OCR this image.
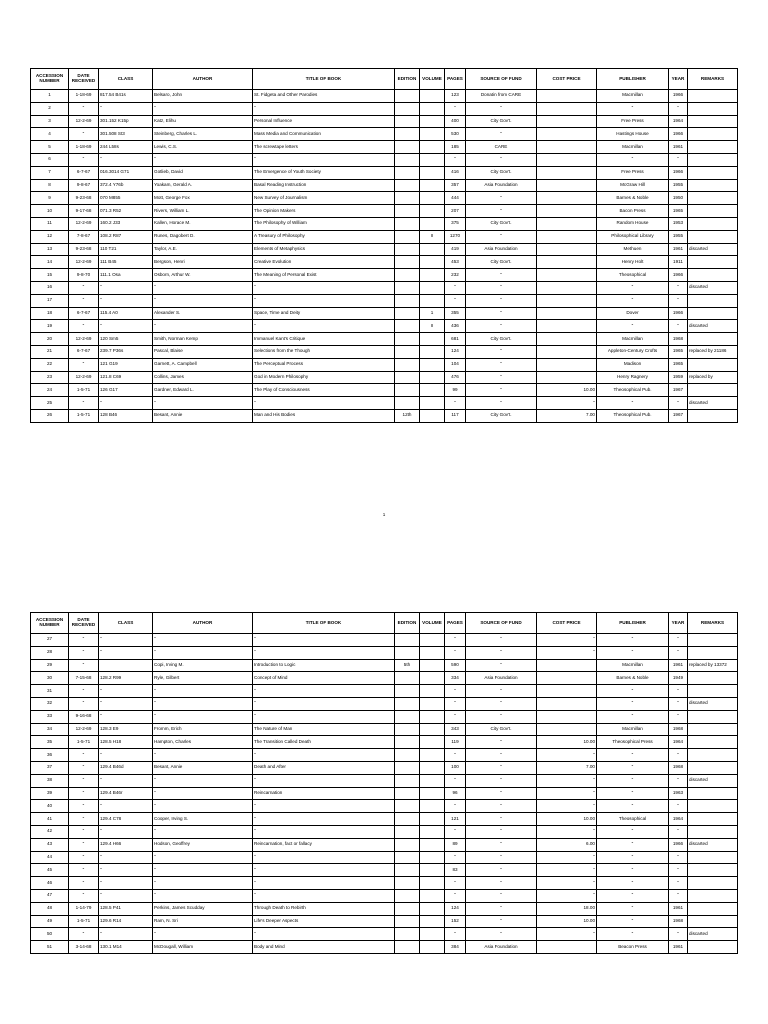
ACCESSION NUMBER	DATE RECEIVED	CLASS	AUTHOR	TITLE OF BOOK	EDITION	VOLUME	PAGES	SOURCE OF FUND	COST PRICE	PUBLISHER	YEAR	REMARKS
1	1-18-69	817.54 B41s	Belsaro, John	St. Fidgeta and Other Parodies			123	Donatin from CARE		Macmillan	1966	
2	"	"	"	"			"	"		"	"	
3	12-2-69	301.152 K15p	Katz, Elihu	Personal Influence			400	City Gov't.		Free Press	1964	
4	"	301.508 St3	Steinberg, Charles L.	Mass Media and Communication			530	"		Hastings House	1966	
5	1-18-69	244 L58s	Lewis, C.S.	The screwtape letters			185	CARE		Macmillan	1961	
6	"	"	"	"			"	"		"	"	
7	6-7-67	016.3014 G71	Gotlieb, David	The Emergence of Youth Society			416	City Gov't.		Free Press	1966	
8	9-8-67	372.4 Y76b	Yoakam, Gerald A.	Basal Reading Instruction			357	Asia Foundation		McGraw Hill	1955	
9	9-23-68	070 M855	Mott, George Fox	New Survey of Journalism			444	"		Barnes & Noble	1950	
10	9-17-68	071.3 R52	Rivers, William L.	The Opinion Makers			207	"		Bacon Press	1965	
11	12-2-69	160.2 J33	Kallen, Horace M.	The Philosophy of William			375	City Gov't.		Random House	1953	
12	7-8-67	108.2 R87	Runes, Dagobert D.	A Treasury of Philosophy		II	1270	"		Philosophical Library	1955	
13	9-23-68	110 T21	Taylor, A.E.	Elements of Metaphysics			419	Asia Foundation		Methuen	1961	discarted
14	12-2-69	111 B45	Bergson, Henri	Creative Evolution			453	City Gov't.		Henry Holt	1911	
15	9-8-70	111.1 Osa	Osborn, Arthur W.	The Meaning of Personal Exist			232	"		Theosophical	1966	
16	"	"	"	"			"	"		"	"	discarted
17	"	"	"	"			"	"		"	"	
18	6-7-67	115.4 A0	Alexander S.	Space, Time and Deity		1	355	"		Dover	1966	
19	"	"	"	"		II	436	"		"	"	discarted
20	12-2-69	120 Sm5	Smith, Norman Kemp	Immanuel Kant's Critique			681	City Gov't.		Macmillan	1968	
21	6-7-67	239.7 P36s	Pascal, Blaise	Selections from the Though			124	"		Appleton-Century Crofts	1965	replaced by 21186
22	"	121 G19	Garnett, A. Campbell	The Perceptual Process			104	"		Madison	1965	
23	12-2-69	121.8 C69	Collins, James	God in Modern Philosophy			476	"		Henry Ragnery	1959	replaced by
24	1-5-71	126 G17	Gardner, Edward L.	The Play of Consciousness			99	"	10.00	Theosophical Pub.	1967	
25	"	"	"	"			"	"	"	"	"	discarted
26	1-5-71	128 B46	Besant, Annie	Man and His Bodies	12th		117	City Gov't.	7.00	Theosophical Pub.	1967	
1
ACCESSION NUMBER	DATE RECEIVED	CLASS	AUTHOR	TITLE OF BOOK	EDITION	VOLUME	PAGES	SOURCE OF FUND	COST PRICE	PUBLISHER	YEAR	REMARKS
27	"	"	"	"			"	"	"	"	"	
28	"	"	"	"			"	"	"	"	"	
29	"		Copi, Irving M.	Introduction to Logic	5th		590	"		Macmillan	1961	replaced by 13372
30	7-15-68	128.2 R99	Ryle, Gilbert	Concept of Mind			334	Asia Foundation		Barnes & Noble	1949	
31	"	"	"	"			"	"		"	"	
32	"	"	"	"			"	"		"	"	discarted
33	9-16-68	"	"	"			"	"		"	"	
34	12-2-69	128.3 E9	Fromm, Erich	The Nature of Man			343	City Gov't.		Macmillan	1968	
35	1-5-71	128.5 H18	Hampton, Charles	The Transition Called Death			119	"	10.00	Theosophical Press	1964	
36	"	"	"	"			"	"	"	"	"	
37	"	129.4 B46d	Besant, Annie	Death and After			100	"	7.00	"	1968	
38	"	"	"	"			"	"	"	"	"	discarted
39	"	129.4 B46r	"	Reincarnation			96	"	"	"	1963	
40	"	"	"	"			"	"	"	"	"	
41	"	129.4 C78	Cooper, Irving S.	"			121	"	10.00	Theosophical	1964	
42	"	"	"	"			"	"	"	"	"	
43	"	129.4 H66	Hodson, Geoffrey	Reincarnation, fact or fallacy			89	"	6.00	"	1966	discarted
44	"	"	"	"			"	"	"	"	"	
45	"	"	"	"			83	"	"	"	"	
46	"	"	"	"			"	"	"	"	"	
47	"	"	"	"			"	"	"	"	"	
48	1-14-79	128.5 P41	Perkins, James Scudday	Through Death to Rebirth			124	"	18.00	"	1961	
49	1-5-71	129.6 R14	Ram, N. Sri	Life's Deeper Aspects			152	"	10.00	"	1968	
50	"	"	"	"			"	"	"	"	"	discarted
51	3-14-68	130.1 M14	McDougall, William	Body and Mind			384	Asia Foundation		Beacon Press	1961	
